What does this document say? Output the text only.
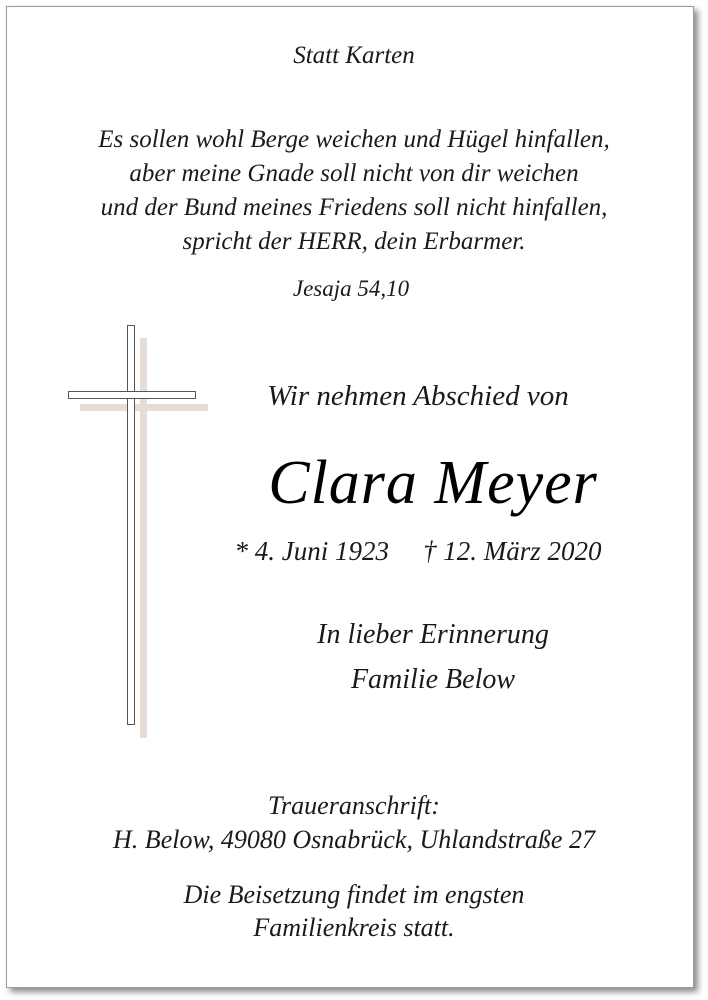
Statt Karten
Es sollen wohl Berge weichen und Hügel hinfallen,
aber meine Gnade soll nicht von dir weichen
und der Bund meines Friedens soll nicht hinfallen,
spricht der HERR, dein Erbarmer.
Jesaja 54,10
Wir nehmen Abschied von
Clara Meyer
* 4. Juni 1923 † 12. März 2020
In lieber Erinnerung
Familie Below
Traueranschrift:
H. Below, 49080 Osnabrück, Uhlandstraße 27
Die Beisetzung findet im engsten
Familienkreis statt.
